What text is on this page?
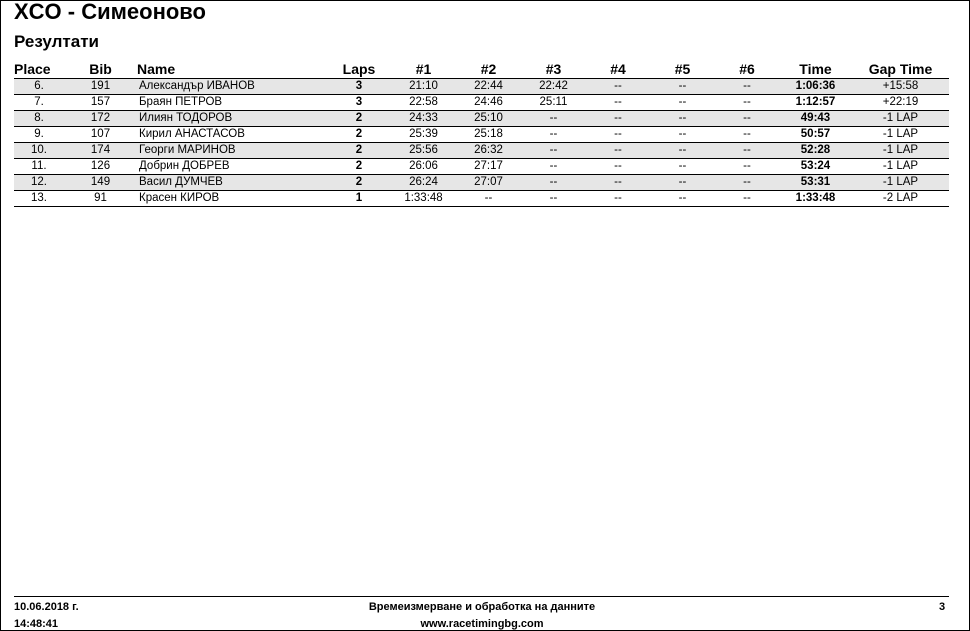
XCO - Симеоново
Резултати
Place	Bib	Name	Laps	#1	#2	#3	#4	#5	#6	Time	Gap Time
6.	191	Александър ИВАНОВ	3	21:10	22:44	22:42	--	--	--	1:06:36	+15:58
7.	157	Браян ПЕТРОВ	3	22:58	24:46	25:11	--	--	--	1:12:57	+22:19
8.	172	Илиян ТОДОРОВ	2	24:33	25:10	--	--	--	--	49:43	-1 LAP
9.	107	Кирил АНАСТАСОВ	2	25:39	25:18	--	--	--	--	50:57	-1 LAP
10.	174	Георги МАРИНОВ	2	25:56	26:32	--	--	--	--	52:28	-1 LAP
11.	126	Добрин ДОБРЕВ	2	26:06	27:17	--	--	--	--	53:24	-1 LAP
12.	149	Васил ДУМЧЕВ	2	26:24	27:07	--	--	--	--	53:31	-1 LAP
13.	91	Красен КИРОВ	1	1:33:48	--	--	--	--	--	1:33:48	-2 LAP
10.06.2018 г.
14:48:41
Времеизмерване и обработка на данните
www.racetimingbg.com
3
